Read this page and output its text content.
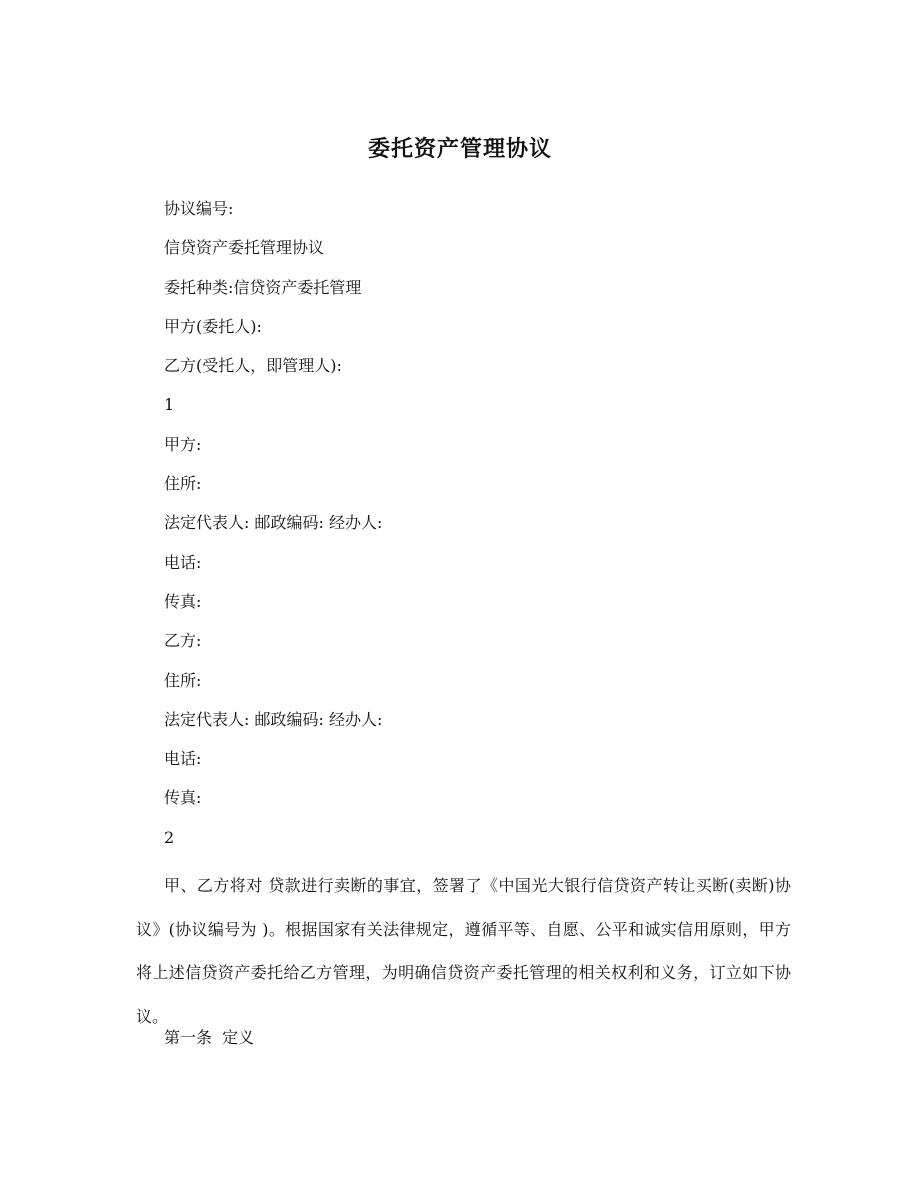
委托资产管理协议
协议编号:
信贷资产委托管理协议
委托种类:信贷资产委托管理
甲方(委托人):
乙方(受托人，即管理人):
1
甲方:
住所:
法定代表人: 邮政编码: 经办人:
电话:
传真:
乙方:
住所:
法定代表人: 邮政编码: 经办人:
电话:
传真:
2

甲、乙方将对 贷款进行卖断的事宜，签署了《中国光大银行信贷资产转让买断(卖断)协议》(协议编号为 )。根据国家有关法律规定，遵循平等、自愿、公平和诚实信用原则，甲方将上述信贷资产委托给乙方管理，为明确信贷资产委托管理的相关权利和义务，订立如下协议。

第一条  定义
